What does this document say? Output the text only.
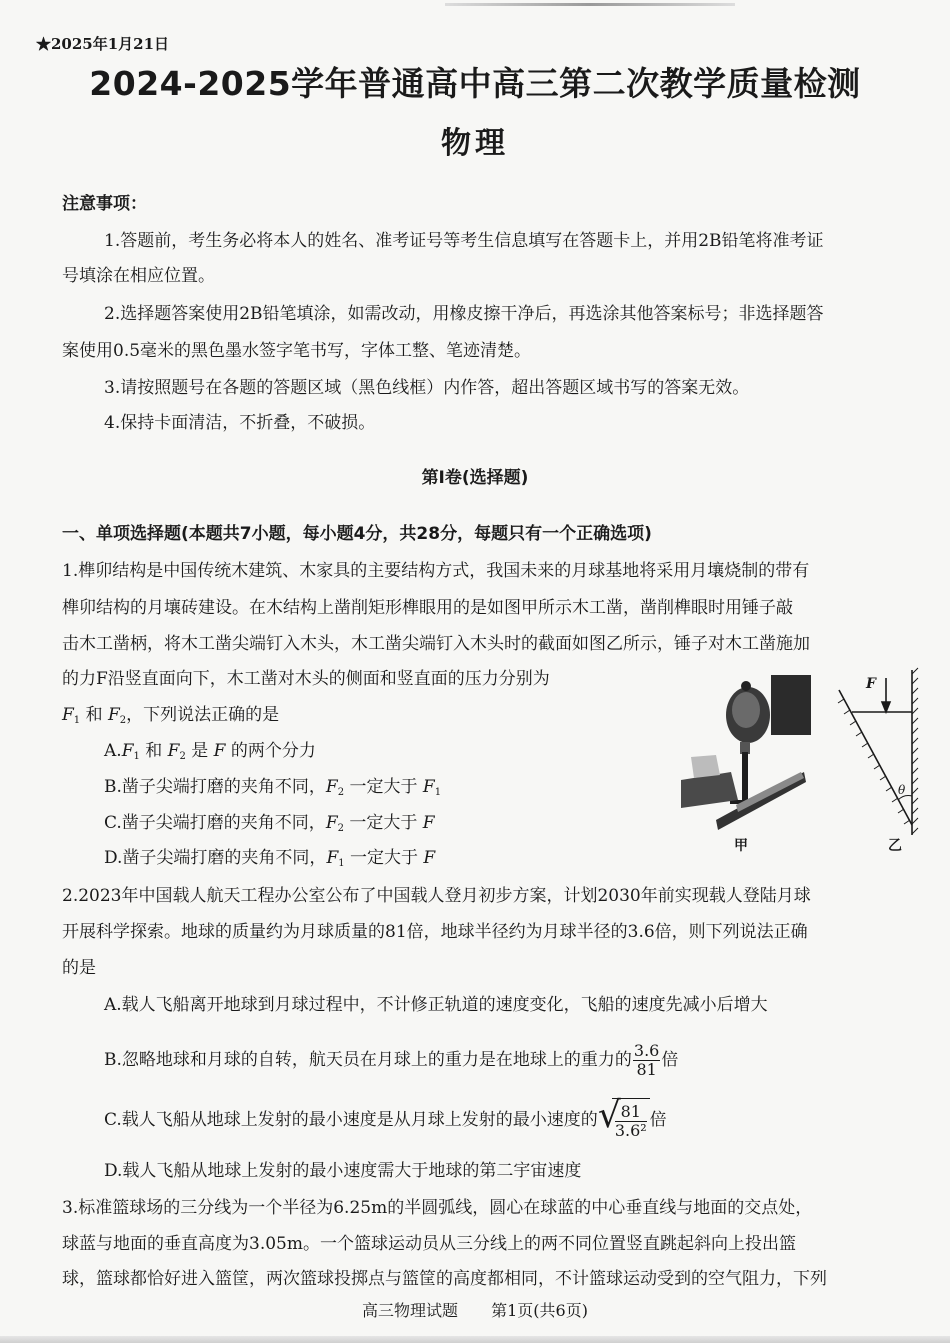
★2025年1月21日
2024-2025学年普通高中高三第二次教学质量检测
物理
注意事项：
1.答题前，考生务必将本人的姓名、准考证号等考生信息填写在答题卡上，并用2B铅笔将准考证
号填涂在相应位置。
2.选择题答案使用2B铅笔填涂，如需改动，用橡皮擦干净后，再选涂其他答案标号；非选择题答
案使用0.5毫米的黑色墨水签字笔书写，字体工整、笔迹清楚。
3.请按照题号在各题的答题区域（黑色线框）内作答，超出答题区域书写的答案无效。
4.保持卡面清洁，不折叠，不破损。
第Ⅰ卷(选择题)
一、单项选择题(本题共7小题，每小题4分，共28分，每题只有一个正确选项)
1.榫卯结构是中国传统木建筑、木家具的主要结构方式，我国未来的月球基地将采用月壤烧制的带有
榫卯结构的月壤砖建设。在木结构上凿削矩形榫眼用的是如图甲所示木工凿，凿削榫眼时用锤子敲
击木工凿柄，将木工凿尖端钉入木头，木工凿尖端钉入木头时的截面如图乙所示，锤子对木工凿施加
的力F沿竖直面向下，木工凿对木头的侧面和竖直面的压力分别为
$F_1$ 和 $F_2$，下列说法正确的是
$A.F_1$ 和 $F_2$ 是 F 的两个分力
B.凿子尖端打磨的夹角不同，$F_2$ 一定大于 $F_1$
C.凿子尖端打磨的夹角不同，$F_2$ 一定大于 F
D.凿子尖端打磨的夹角不同，$F_1$ 一定大于 F
F
θ
甲	乙
2.2023年中国载人航天工程办公室公布了中国载人登月初步方案，计划2030年前实现载人登陆月球
开展科学探索。地球的质量约为月球质量的81倍，地球半径约为月球半径的3.6倍，则下列说法正确
的是
A.载人飞船离开地球到月球过程中，不计修正轨道的速度变化，飞船的速度先减小后增大
B.忽略地球和月球的自转，航天员在月球上的重力是在地球上的重力的 $\frac{3.6}{81}$ 倍
C.载人飞船从地球上发射的最小速度是从月球上发射的最小速度的 √
$\frac{81}{\text{3.6²}}$ 倍
D.载人飞船从地球上发射的最小速度需大于地球的第二宇宙速度
3.标准篮球场的三分线为一个半径为6.25m的半圆弧线，圆心在球蓝的中心垂直线与地面的交点处，
球蓝与地面的垂直高度为3.05m。一个篮球运动员从三分线上的两不同位置竖直跳起斜向上投出篮
球，篮球都恰好进入篮筐，两次篮球投掷点与篮筐的高度都相同，不计篮球运动受到的空气阻力，下列
高三物理试题 第1页(共6页)
